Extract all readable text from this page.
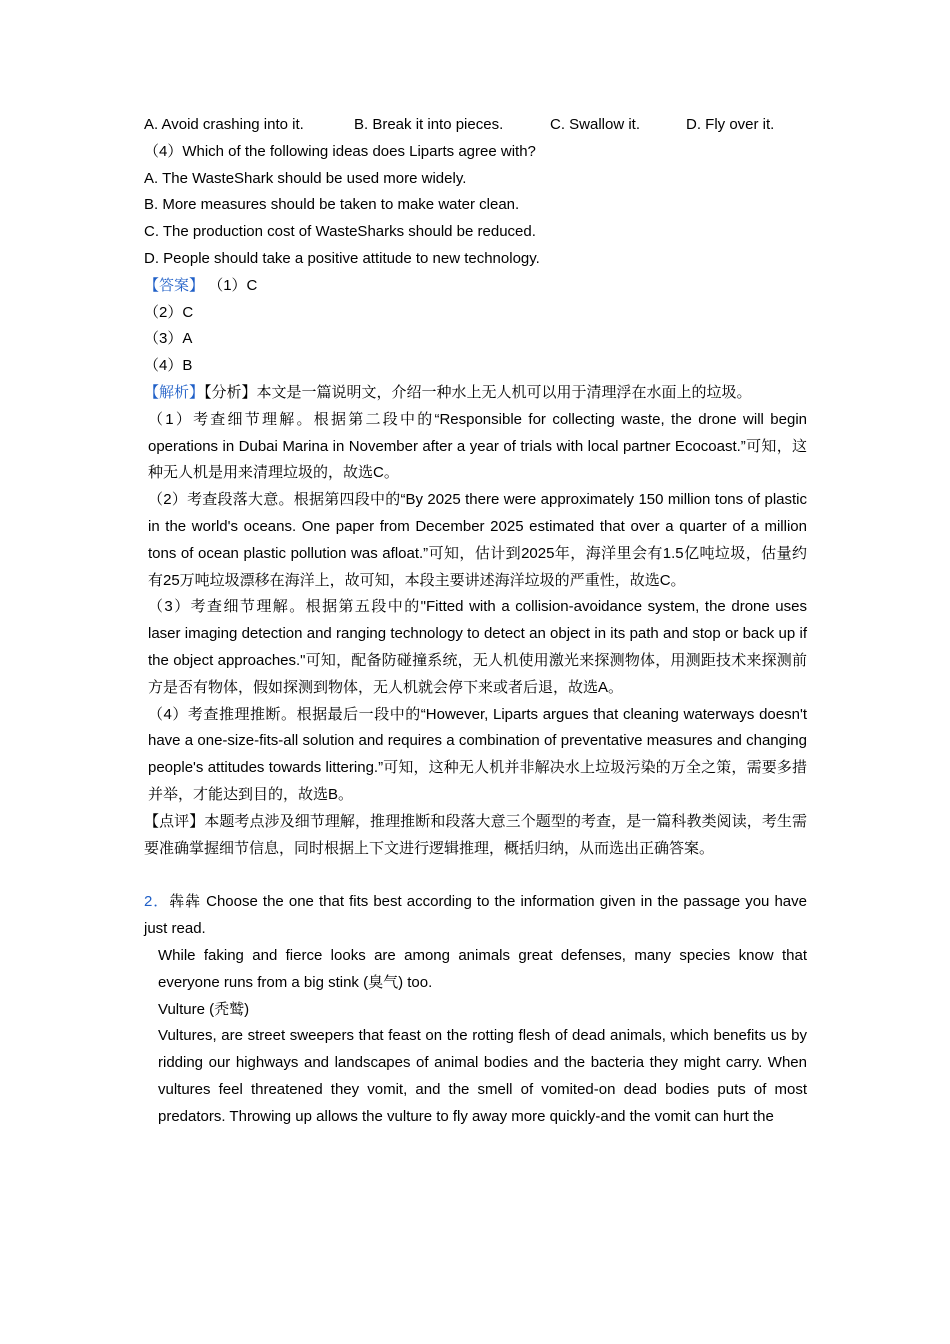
A. Avoid crashing into it.	B. Break it into pieces.	C. Swallow it.	D. Fly over it.

（4）Which of the following ideas does Liparts agree with?

A. The WasteShark should be used more widely.

B. More measures should be taken to make water clean.

C. The production cost of WasteSharks should be reduced.

D. People should take a positive attitude to new technology.

【答案】 （1）C

（2）C

（3）A

（4）B

【解析】【分析】本文是一篇说明文，介绍一种水上无人机可以用于清理浮在水面上的垃圾。

（1）考查细节理解。根据第二段中的“Responsible for collecting waste, the drone will begin operations in Dubai Marina in November after a year of trials with local partner Ecocoast.”可知，这种无人机是用来清理垃圾的，故选C。

（2）考查段落大意。根据第四段中的“By 2025 there were approximately 150 million tons of plastic in the world's oceans. One paper from December 2025 estimated that over a quarter of a million tons of ocean plastic pollution was afloat.”可知，估计到2025年，海洋里会有1.5亿吨垃圾，估量约有25万吨垃圾漂移在海洋上，故可知，本段主要讲述海洋垃圾的严重性，故选C。

（3）考查细节理解。根据第五段中的"Fitted with a collision-avoidance system, the drone uses laser imaging detection and ranging technology to detect an object in its path and stop or back up if the object approaches."可知，配备防碰撞系统，无人机使用激光来探测物体，用测距技术来探测前方是否有物体，假如探测到物体，无人机就会停下来或者后退，故选A。

（4）考查推理推断。根据最后一段中的“However, Liparts argues that cleaning waterways doesn't have a one-size-fits-all solution and requires a combination of preventative measures and changing people's attitudes towards littering.”可知，这种无人机并非解决水上垃圾污染的万全之策，需要多措并举，才能达到目的，故选B。

【点评】本题考点涉及细节理解，推理推断和段落大意三个题型的考查，是一篇科教类阅读，考生需要准确掌握细节信息，同时根据上下文进行逻辑推理，概括归纳，从而选出正确答案。

2．犇犇 Choose the one that fits best according to the information given in the passage you have just read.

While faking and fierce looks are among animals great defenses, many species know that everyone runs from a big stink (臭气) too.

Vulture (秃鹫)

Vultures, are street sweepers that feast on the rotting flesh of dead animals, which benefits us by ridding our highways and landscapes of animal bodies and the bacteria they might carry. When vultures feel threatened they vomit, and the smell of vomited-on dead bodies puts of most predators. Throwing up allows the vulture to fly away more quickly-and the vomit can hurt the
